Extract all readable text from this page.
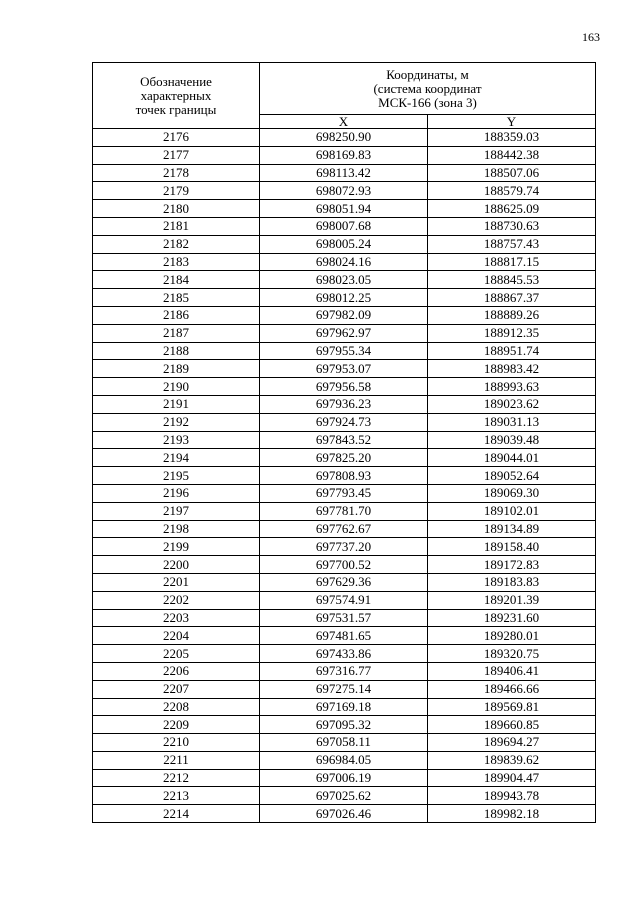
163
Обозначение
характерных
точек границы	Координаты, м
(система координат
МСК-166 (зона 3)	
	X	Y
2176	698250.90	188359.03
2177	698169.83	188442.38
2178	698113.42	188507.06
2179	698072.93	188579.74
2180	698051.94	188625.09
2181	698007.68	188730.63
2182	698005.24	188757.43
2183	698024.16	188817.15
2184	698023.05	188845.53
2185	698012.25	188867.37
2186	697982.09	188889.26
2187	697962.97	188912.35
2188	697955.34	188951.74
2189	697953.07	188983.42
2190	697956.58	188993.63
2191	697936.23	189023.62
2192	697924.73	189031.13
2193	697843.52	189039.48
2194	697825.20	189044.01
2195	697808.93	189052.64
2196	697793.45	189069.30
2197	697781.70	189102.01
2198	697762.67	189134.89
2199	697737.20	189158.40
2200	697700.52	189172.83
2201	697629.36	189183.83
2202	697574.91	189201.39
2203	697531.57	189231.60
2204	697481.65	189280.01
2205	697433.86	189320.75
2206	697316.77	189406.41
2207	697275.14	189466.66
2208	697169.18	189569.81
2209	697095.32	189660.85
2210	697058.11	189694.27
2211	696984.05	189839.62
2212	697006.19	189904.47
2213	697025.62	189943.78
2214	697026.46	189982.18
